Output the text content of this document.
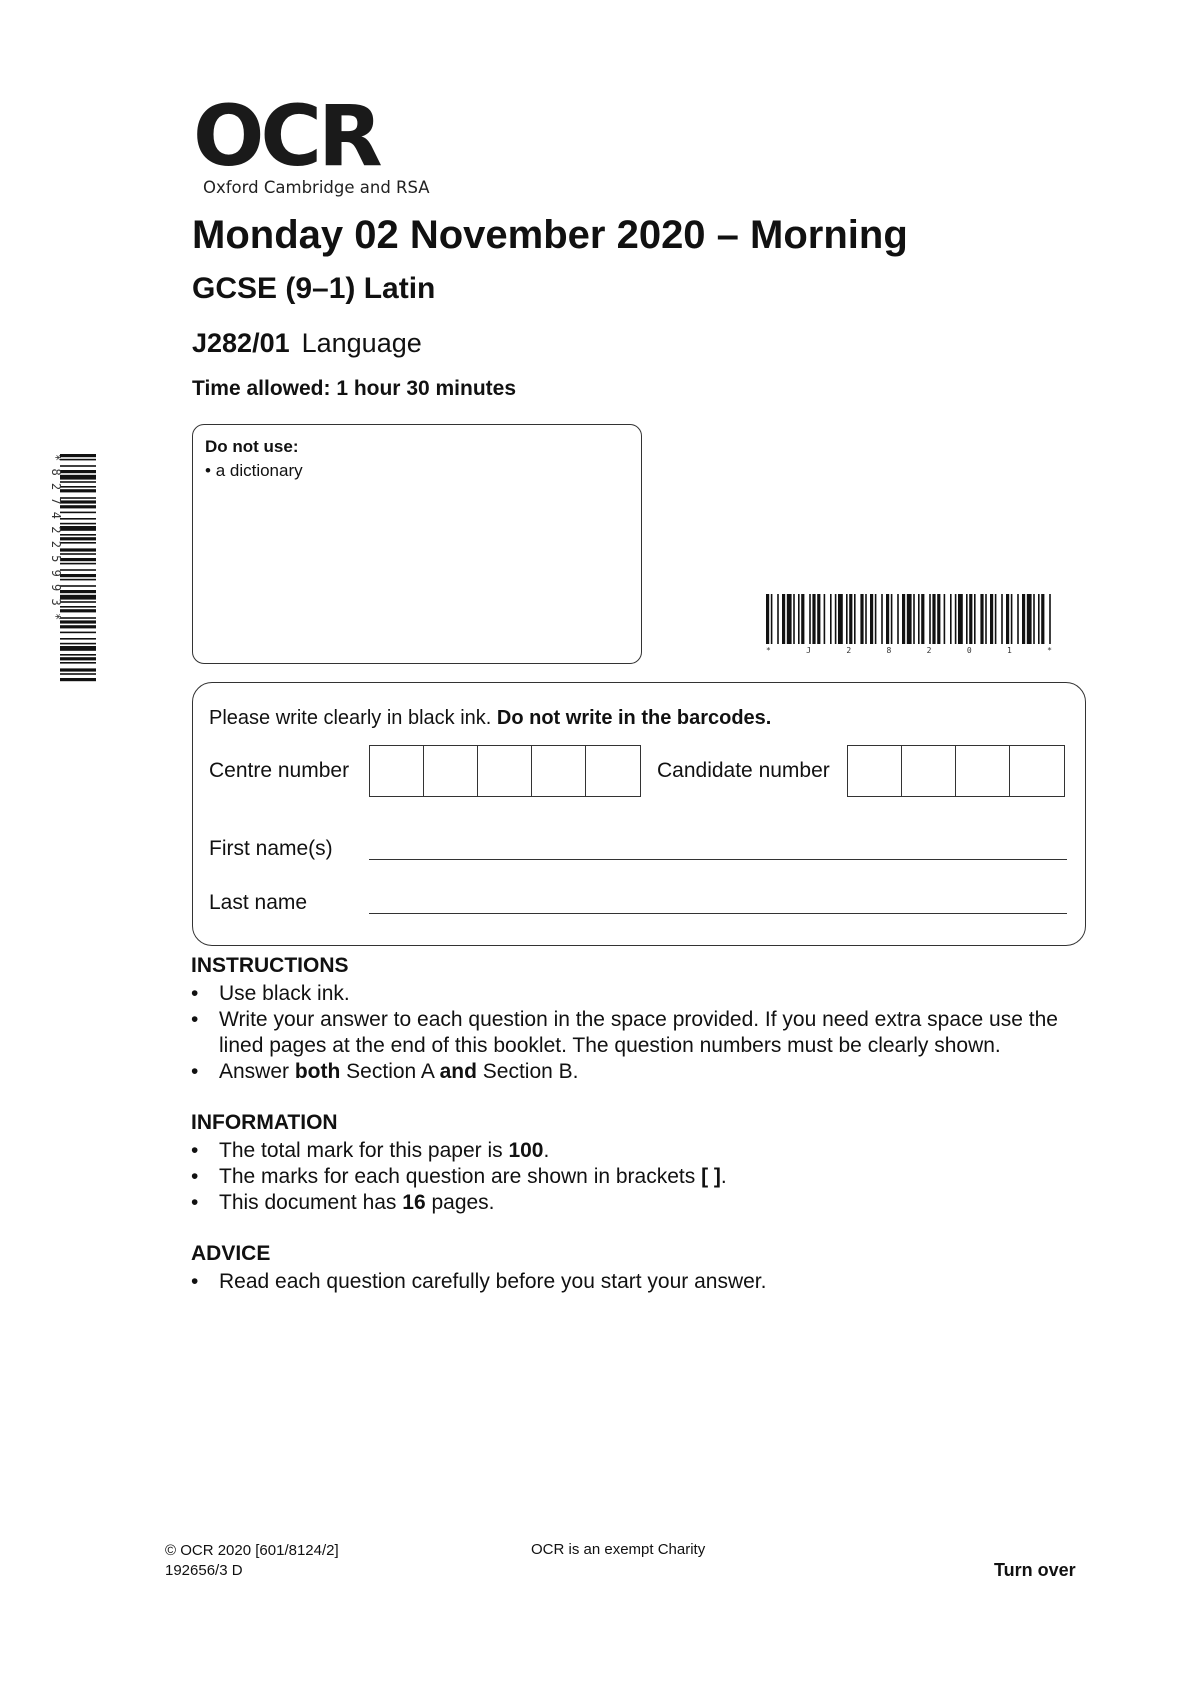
OCR
Oxford Cambridge and RSA
Monday 02 November 2020 – Morning
GCSE (9–1) Latin
J282/01 Language
Time allowed: 1 hour 30 minutes
Do not use:
• a dictionary
* 8 2 7 4 2 2 5 9 9 3 *
* J 2 8 2 0 1 *
Please write clearly in black ink. Do not write in the barcodes.
Centre number	Candidate number
First name(s)
Last name
INSTRUCTIONS
• Use black ink.
• Write your answer to each question in the space provided. If you need extra space use the lined pages at the end of this booklet. The question numbers must be clearly shown.
• Answer both Section A and Section B.
INFORMATION
• The total mark for this paper is 100.
• The marks for each question are shown in brackets [ ].
• This document has 16 pages.
ADVICE
• Read each question carefully before you start your answer.
© OCR 2020 [601/8124/2]
192656/3 D
OCR is an exempt Charity
Turn over
